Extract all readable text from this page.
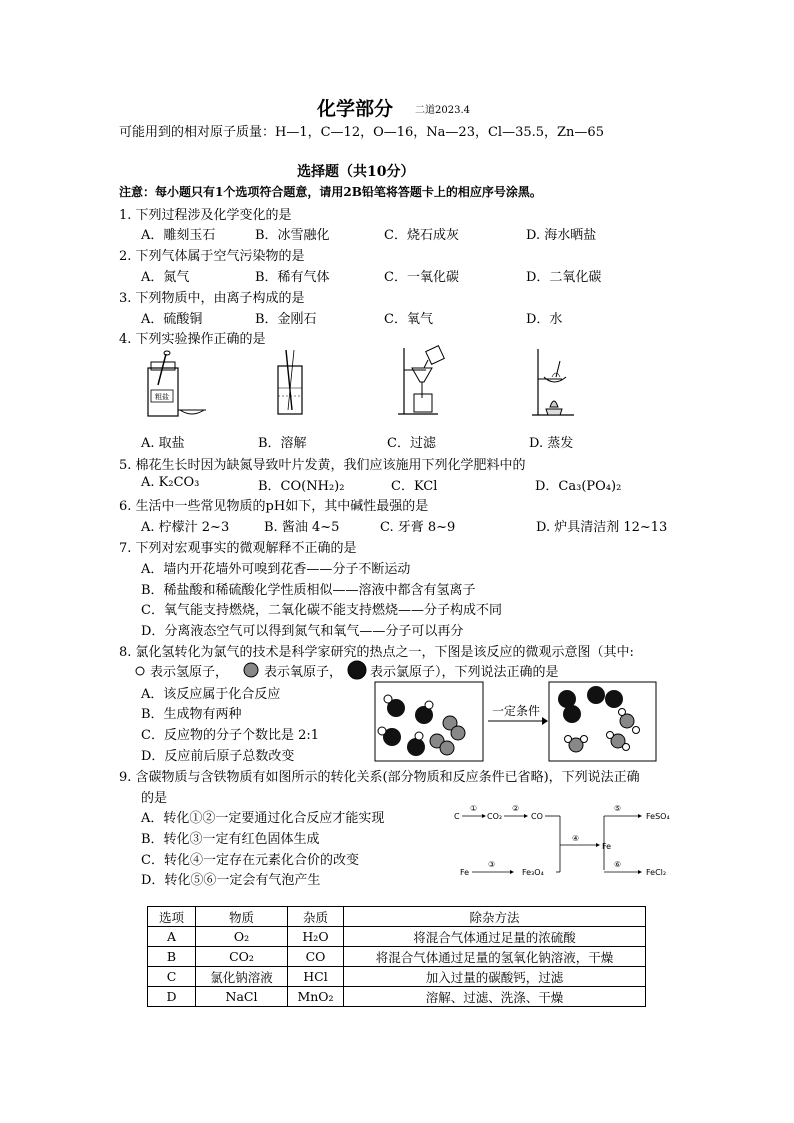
化学部分 二道2023.4
可能用到的相对原子质量：H—1，C—12，O—16，Na—23，Cl—35.5，Zn—65
选择题（共10分）
注意：每小题只有1个选项符合题意，请用2B铅笔将答题卡上的相应序号涂黑。
1. 下列过程涉及化学变化的是
A．雕刻玉石	B．冰雪融化	C．烧石成灰	D. 海水晒盐
2. 下列气体属于空气污染物的是
A．氮气	B．稀有气体	C．一氧化碳	D．二氧化碳
3. 下列物质中，由离子构成的是
A．硫酸铜	B．金刚石	C．氧气	D．水
4. 下列实验操作正确的是
粗盐
A. 取盐	B．溶解	C．过滤	D. 蒸发
5. 棉花生长时因为缺氮导致叶片发黄，我们应该施用下列化学肥料中的
A. K₂CO₃	B．CO(NH₂)₂	C．KCl	D．Ca₃(PO₄)₂
6. 生活中一些常见物质的pH如下，其中碱性最强的是
A. 柠檬汁 2~3	B. 酱油 4~5	C. 牙膏 8~9	D. 炉具清洁剂 12~13
7. 下列对宏观事实的微观解释不正确的是
A．墙内开花墙外可嗅到花香——分子不断运动
B．稀盐酸和稀硫酸化学性质相似——溶液中都含有氢离子
C．氧气能支持燃烧，二氧化碳不能支持燃烧——分子构成不同
D．分离液态空气可以得到氮气和氧气——分子可以再分
8. 氯化氢转化为氯气的技术是科学家研究的热点之一，下图是该反应的微观示意图（其中:
表示氢原子，	表示氧原子， 表示氯原子），下列说法正确的是
A．该反应属于化合反应
B．生成物有两种
C．反应物的分子个数比是 2:1
D．反应前后原子总数改变
一定条件
9. 含碳物质与含铁物质有如图所示的转化关系(部分物质和反应条件已省略)，下列说法正确
的是
A．转化①②一定要通过化合反应才能实现
B．转化③一定有红色固体生成
C．转化④一定存在元素化合价的改变
D．转化⑤⑥一定会有气泡产生
C
①
CO₂
②
CO
④
Fe
⑤
FeSO₄
⑥
FeCl₂
Fe
③
Fe₃O₄
选项	物质	杂质	除杂方法
A	O₂	H₂O	将混合气体通过足量的浓硫酸
B	CO₂	CO	将混合气体通过足量的氢氧化钠溶液，干燥
C	氯化钠溶液	HCl	加入过量的碳酸钙，过滤
D	NaCl	MnO₂	溶解、过滤、洗涤、干燥
